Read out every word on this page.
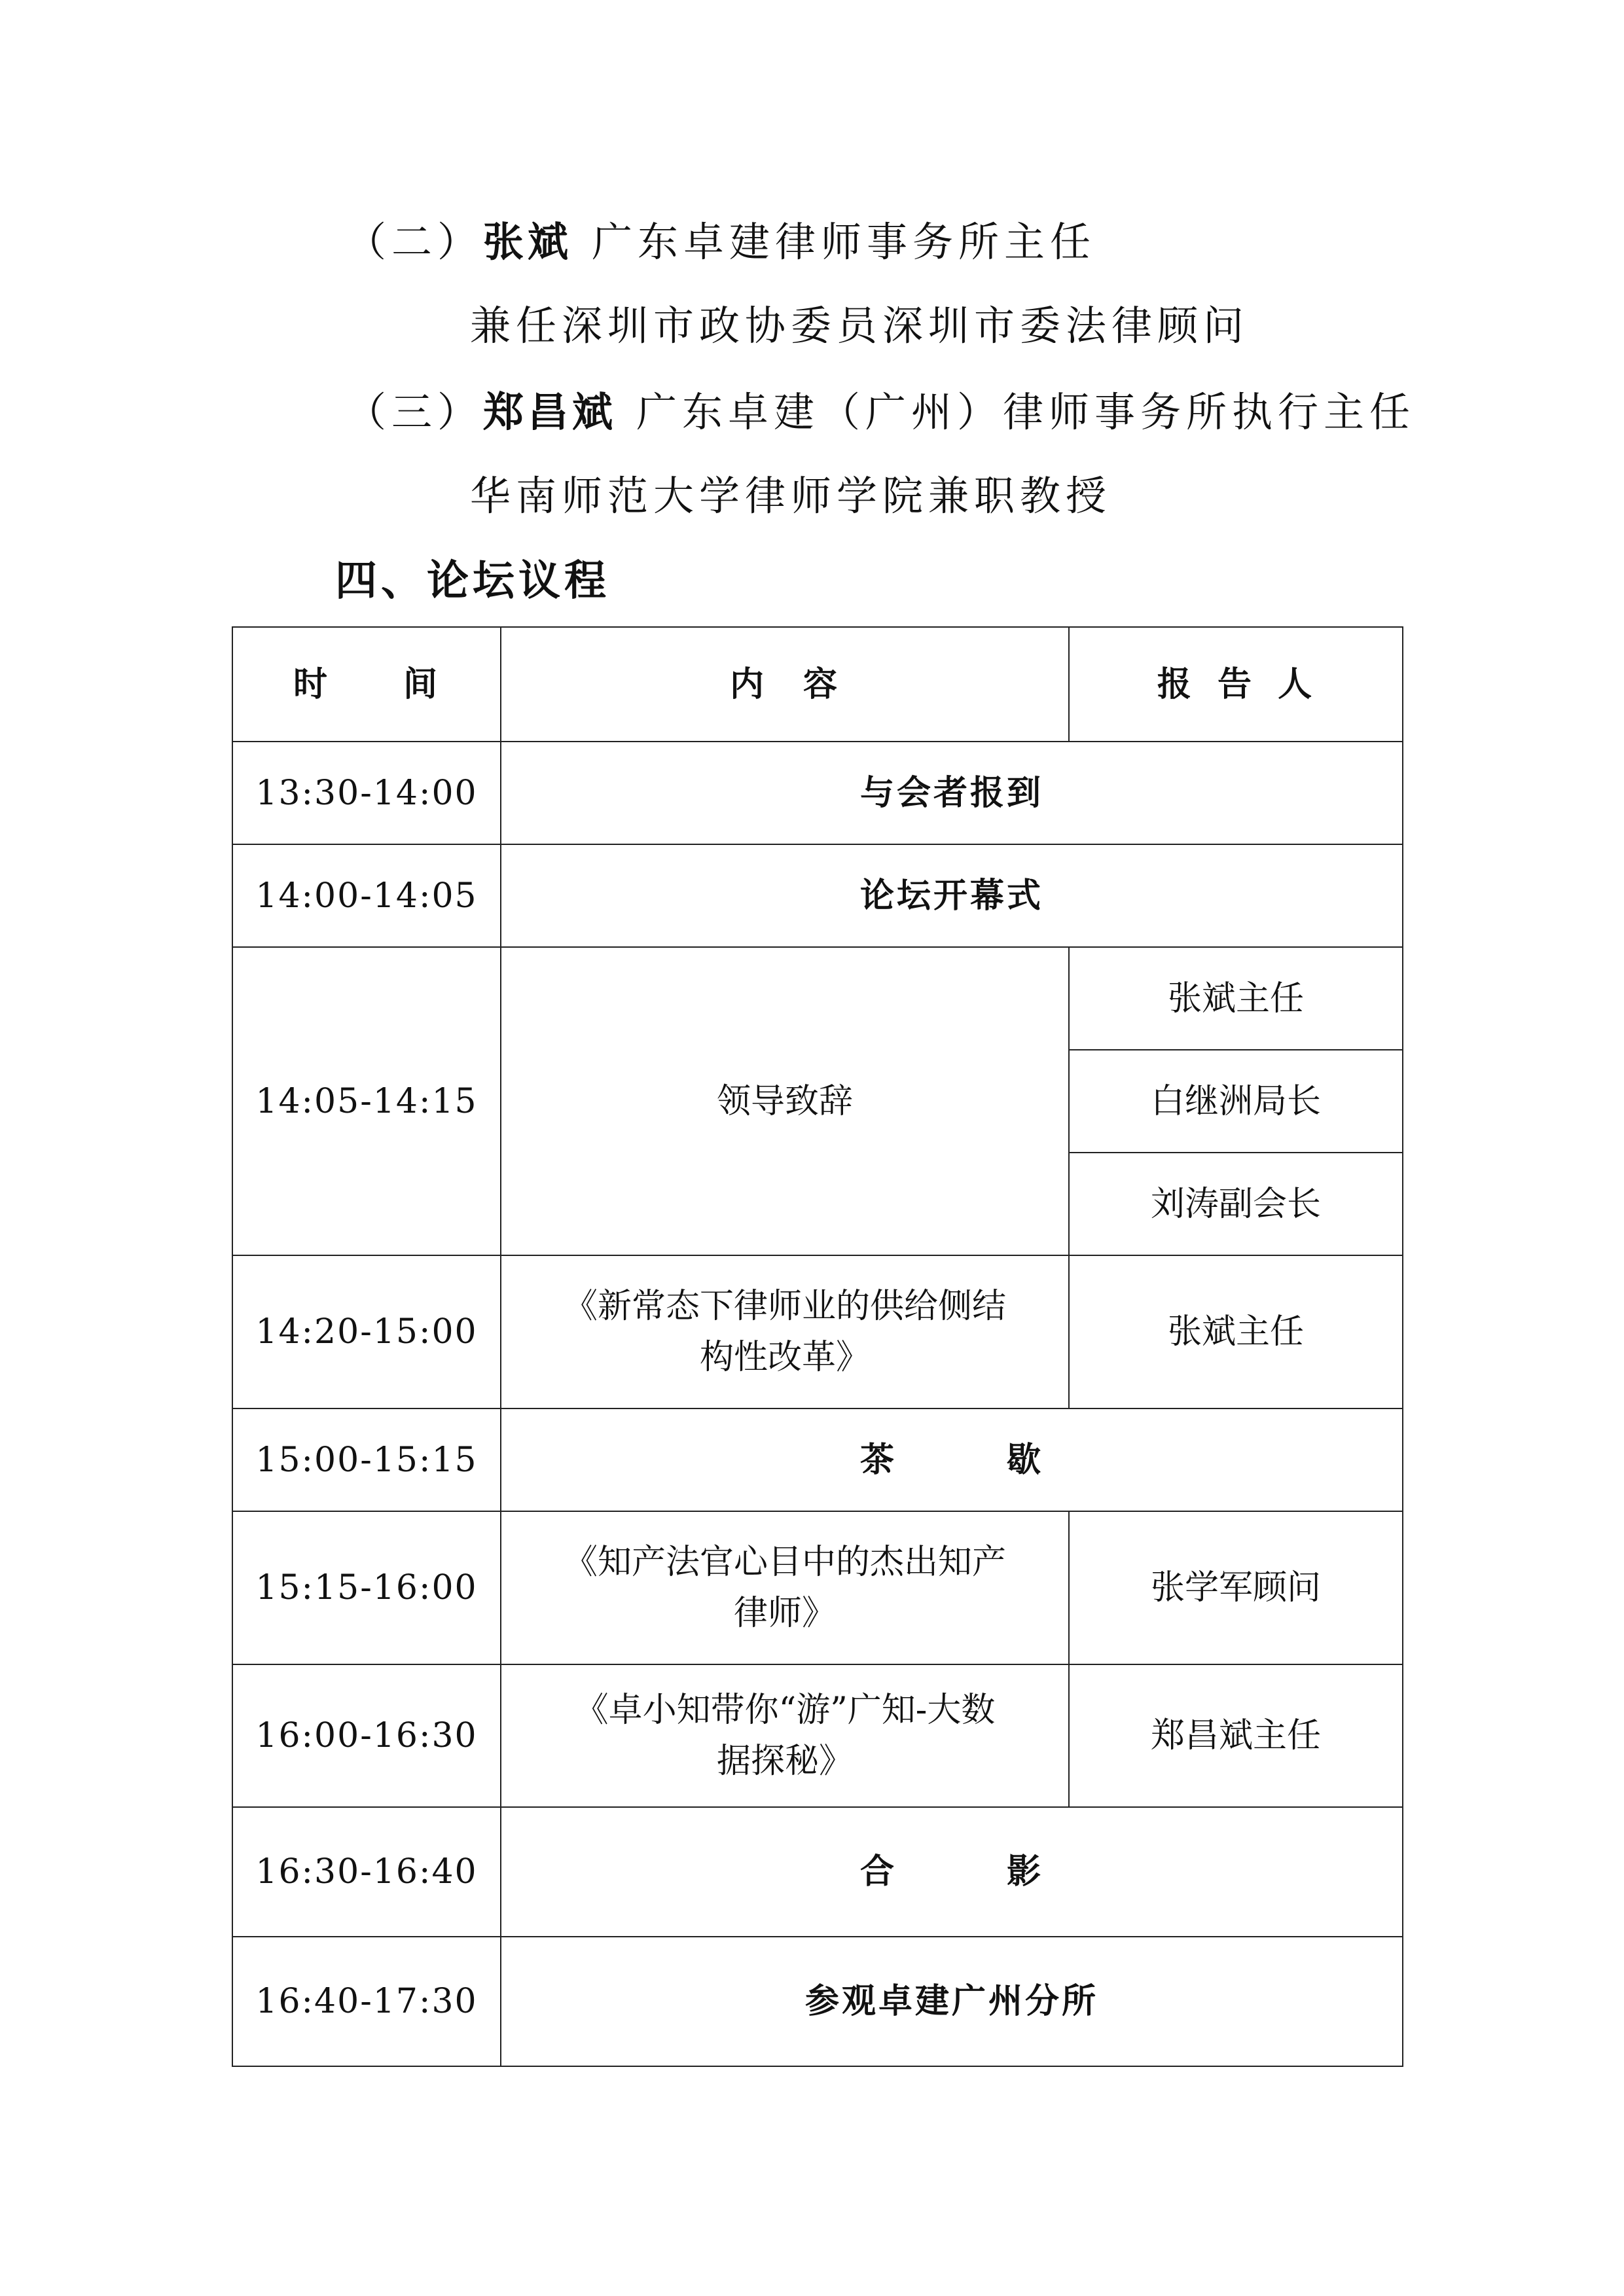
（二）张斌 广东卓建律师事务所主任
兼任深圳市政协委员深圳市委法律顾问
（三）郑昌斌 广东卓建（广州）律师事务所执行主任
华南师范大学律师学院兼职教授
四、论坛议程
时　　间	内　容	报 告 人
13:30-14:00	与会者报到	
14:00-14:05	论坛开幕式	
14:05-14:15	领导致辞	张斌主任
		白继洲局长
		刘涛副会长
14:20-15:00	《新常态下律师业的供给侧结
构性改革》	张斌主任
15:00-15:15	茶　　　歇	
15:15-16:00	《知产法官心目中的杰出知产
律师》	张学军顾问
16:00-16:30	《卓小知带你“游”广知-大数
据探秘》	郑昌斌主任
16:30-16:40	合　　　影	
16:40-17:30	参观卓建广州分所	
